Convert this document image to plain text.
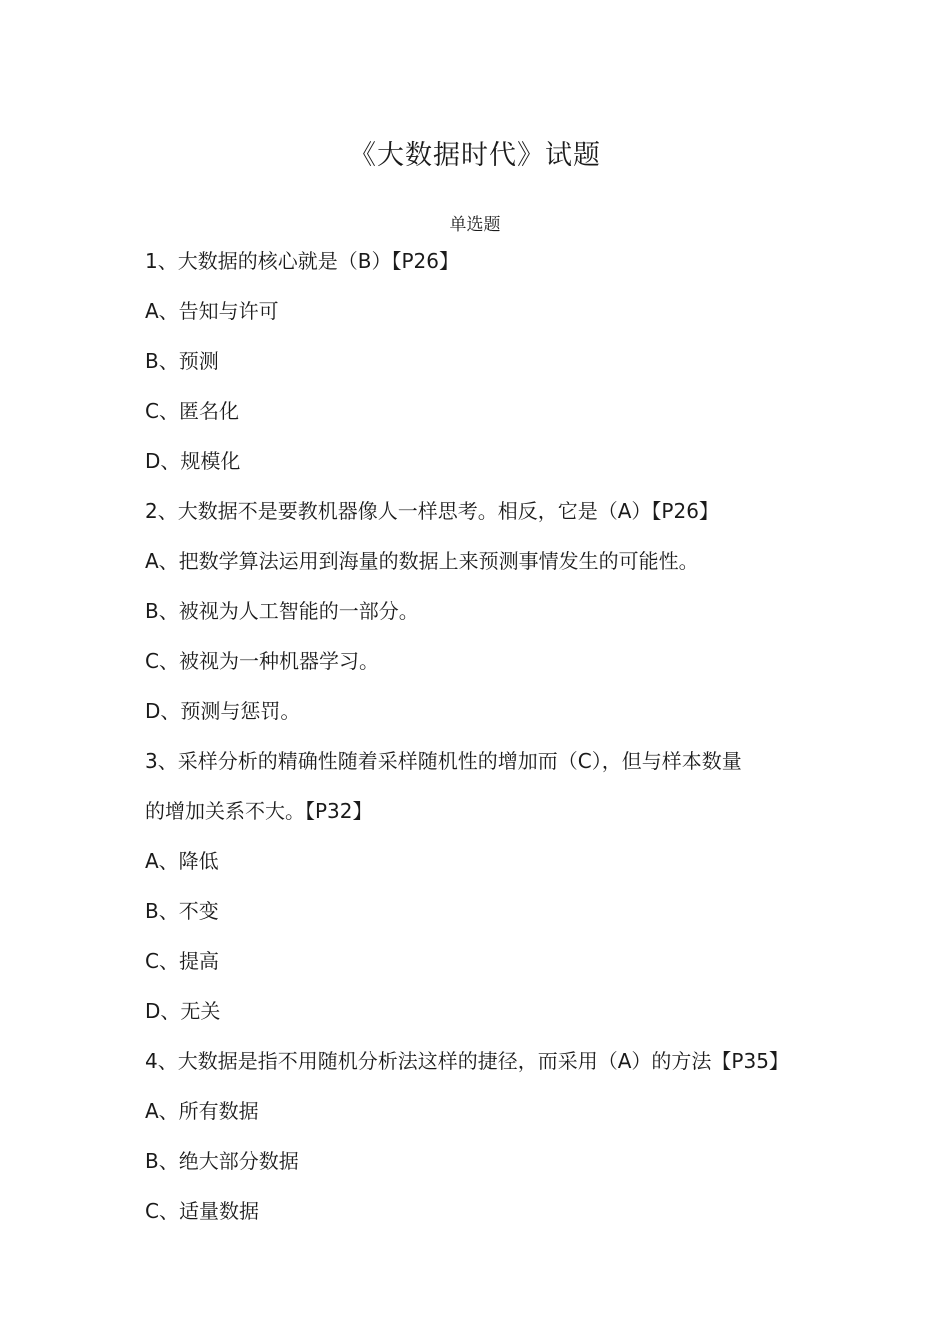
《大数据时代》试题
单选题
1、大数据的核心就是（B）【P26】
A、告知与许可
B、预测
C、匿名化
D、规模化
2、大数据不是要教机器像人一样思考。相反，它是（A）【P26】
A、把数学算法运用到海量的数据上来预测事情发生的可能性。
B、被视为人工智能的一部分。
C、被视为一种机器学习。
D、预测与惩罚。
3、采样分析的精确性随着采样随机性的增加而（C），但与样本数量
的增加关系不大。【P32】
A、降低
B、不变
C、提高
D、无关
4、大数据是指不用随机分析法这样的捷径，而采用（A）的方法【P35】
A、所有数据
B、绝大部分数据
C、适量数据
